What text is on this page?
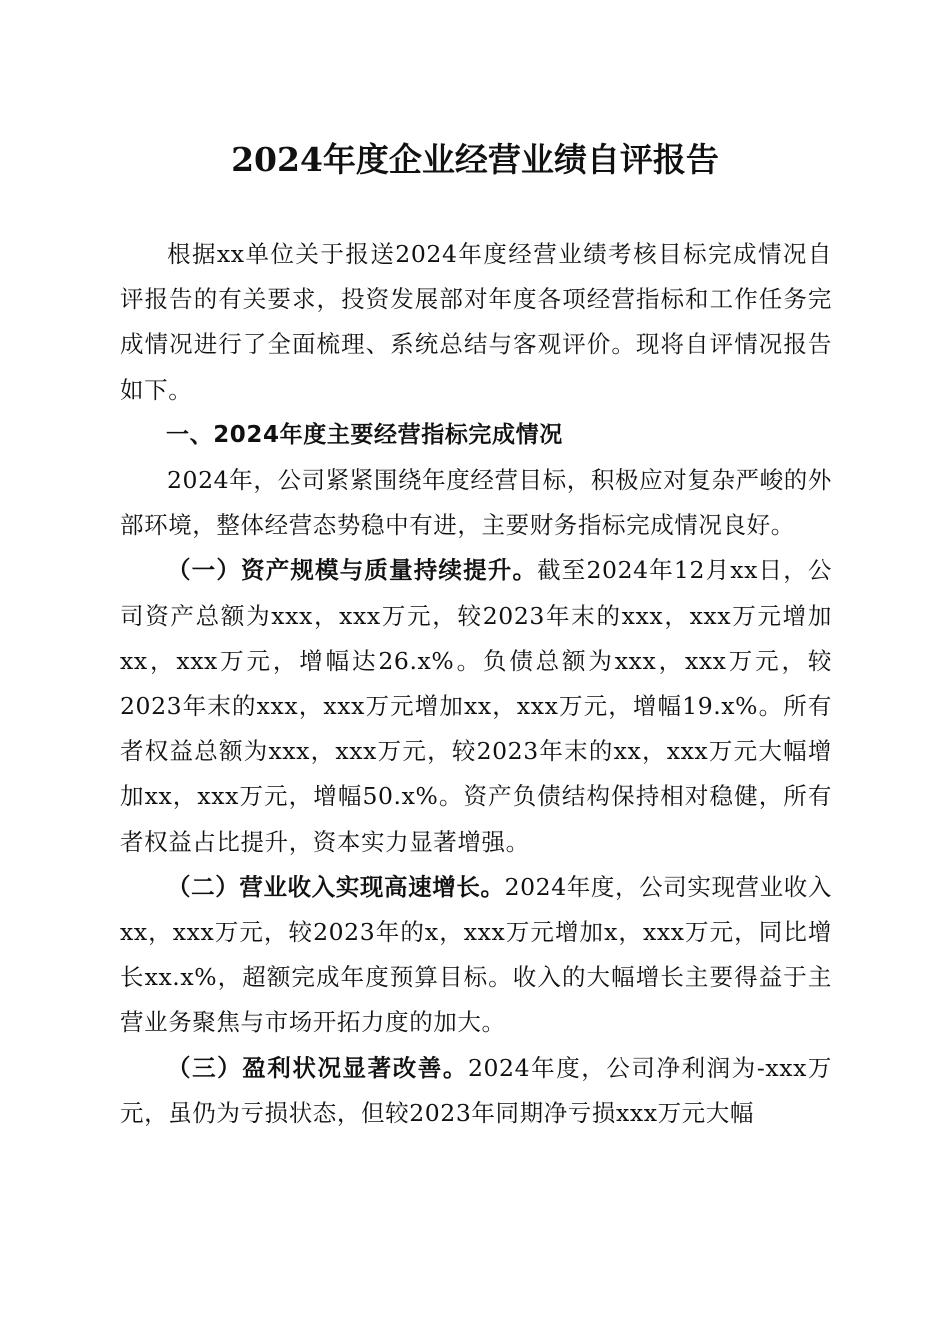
2024年度企业经营业绩自评报告

根据xx单位关于报送2024年度经营业绩考核目标完成情况自评报告的有关要求，投资发展部对年度各项经营指标和工作任务完成情况进行了全面梳理、系统总结与客观评价。现将自评情况报告如下。

一、2024年度主要经营指标完成情况

2024年，公司紧紧围绕年度经营目标，积极应对复杂严峻的外部环境，整体经营态势稳中有进，主要财务指标完成情况良好。

（一）资产规模与质量持续提升。截至2024年12月xx日，公司资产总额为xxx，xxx万元，较2023年末的xxx，xxx万元增加xx，xxx万元，增幅达26.x%。负债总额为xxx，xxx万元，较2023年末的xxx，xxx万元增加xx，xxx万元，增幅19.x%。所有者权益总额为xxx，xxx万元，较2023年末的xx，xxx万元大幅增加xx，xxx万元，增幅50.x%。资产负债结构保持相对稳健，所有者权益占比提升，资本实力显著增强。

（二）营业收入实现高速增长。2024年度，公司实现营业收入xx，xxx万元，较2023年的x，xxx万元增加x，xxx万元，同比增长xx.x%，超额完成年度预算目标。收入的大幅增长主要得益于主营业务聚焦与市场开拓力度的加大。

（三）盈利状况显著改善。2024年度，公司净利润为-xxx万元，虽仍为亏损状态，但较2023年同期净亏损xxx万元大幅
